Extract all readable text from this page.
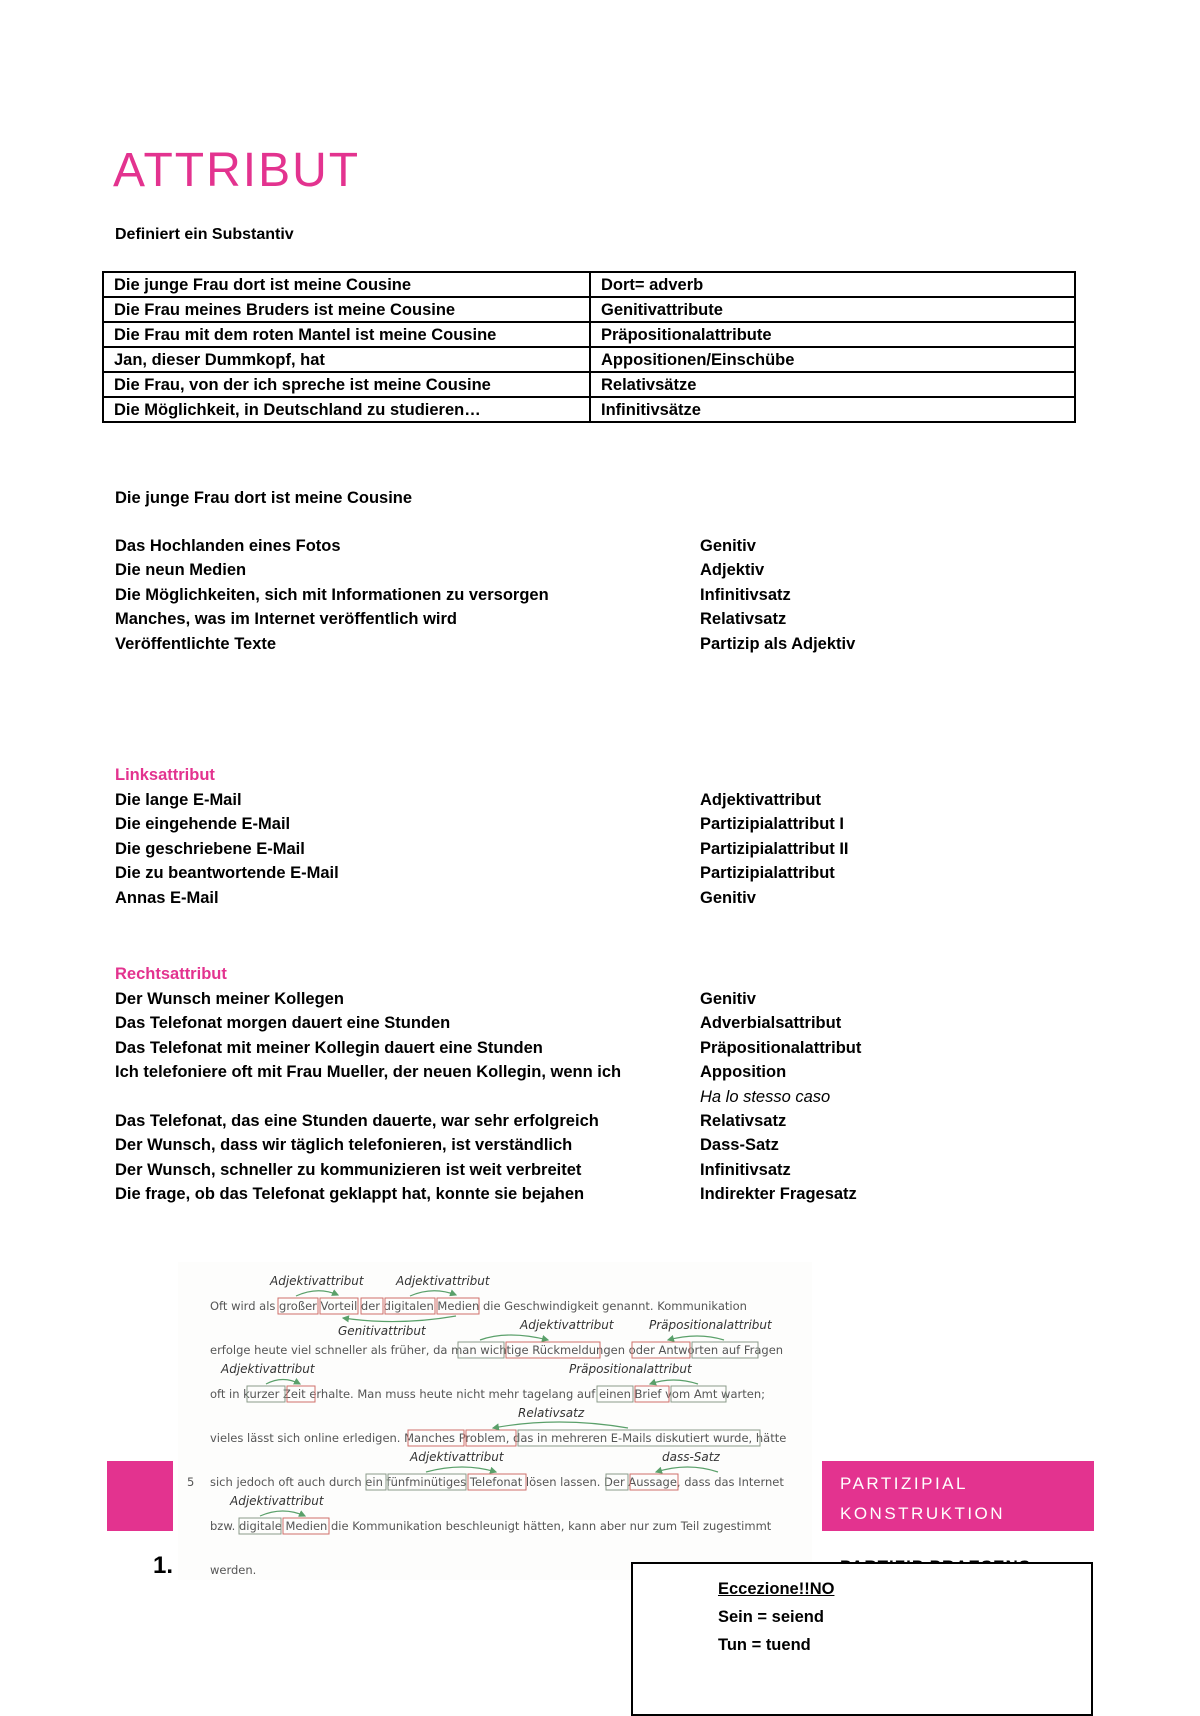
ATTRIBUT
Definiert ein Substantiv
Die junge Frau dort ist meine Cousine	Dort= adverb
Die Frau meines Bruders ist meine Cousine	Genitivattribute
Die Frau mit dem roten Mantel ist meine Cousine	Präpositionalattribute
Jan, dieser Dummkopf, hat	Appositionen/Einschübe
Die Frau, von der ich spreche ist meine Cousine	Relativsätze
Die Möglichkeit, in Deutschland zu studieren…	Infinitivsätze
Die junge Frau dort ist meine Cousine
Das Hochlanden eines Fotos	Genitiv
Die neun Medien	Adjektiv
Die Möglichkeiten, sich mit Informationen zu versorgen	Infinitivsatz
Manches, was im Internet veröffentlich wird	Relativsatz
Veröffentlichte Texte	Partizip als Adjektiv
Linksattribut
Die lange E-Mail	Adjektivattribut
Die eingehende E-Mail	Partizipialattribut I
Die geschriebene E-Mail	Partizipialattribut II
Die zu beantwortende E-Mail	Partizipialattribut
Annas E-Mail	Genitiv
Rechtsattribut
Der Wunsch meiner Kollegen	Genitiv
Das Telefonat morgen dauert eine Stunden	Adverbialsattribut
Das Telefonat mit meiner Kollegin dauert eine Stunden	Präpositionalattribut
Ich telefoniere oft mit Frau Mueller, der neuen Kollegin, wenn ich	Apposition
Ha lo stesso caso
Das Telefonat, das eine Stunden dauerte, war sehr erfolgreich	Relativsatz
Der Wunsch, dass wir täglich telefonieren, ist verständlich	Dass-Satz
Der Wunsch, schneller zu kommunizieren ist weit verbreitet	Infinitivsatz
Die frage, ob das Telefonat geklappt hat, konnte sie bejahen	Indirekter Fragesatz
PARTIZIPIAL
KONSTRUKTION
1.
Adjektivattribut	Adjektivattribut
Genitivattribut	Adjektivattribut	Präpositionalattribut
Adjektivattribut	Präpositionalattribut
Relativsatz
Adjektivattribut	dass-Satz
Adjektivattribut
Oft wird als großer Vorteil der digitalen Medien die Geschwindigkeit genannt. Kommunikation
erfolge heute viel schneller als früher, da man wichtige Rückmeldungen oder Antworten auf Fragen
oft in kurzer Zeit erhalte. Man muss heute nicht mehr tagelang auf einen Brief vom Amt warten;
vieles lässt sich online erledigen. Manches Problem, das in mehreren E-Mails diskutiert wurde, hätte
sich jedoch oft auch durch ein fünfminütiges Telefonat lösen lassen. Der Aussage, dass das Internet
bzw. digitale Medien die Kommunikation beschleunigt hätten, kann aber nur zum Teil zugestimmt
werden.
5
Eccezione!!NO
Sein = seiend
Tun = tuend
